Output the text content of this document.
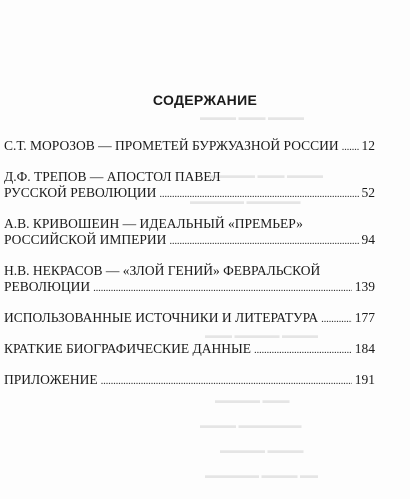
▬▬▬▬ ▬▬▬ ▬▬▬▬
▬▬▬▬▬ ▬▬▬ ▬▬▬▬
▬▬▬▬▬▬ ▬▬▬▬▬▬
▬▬▬ ▬▬▬▬▬ ▬▬▬▬
▬▬▬▬▬ ▬▬▬
▬▬▬▬ ▬▬▬▬▬▬▬
▬▬▬▬▬ ▬▬▬▬
▬▬▬▬▬▬ ▬▬▬▬ ▬▬
СОДЕРЖАНИЕ
С.Т. МОРОЗОВ — ПРОМЕТЕЙ БУРЖУАЗНОЙ РОССИИ . . . 12
Д.Ф. ТРЕПОВ — АПОСТОЛ ПАВЕЛ
РУССКОЙ РЕВОЛЮЦИИ . . .	52
А.В. КРИВОШЕИН — ИДЕАЛЬНЫЙ «ПРЕМЬЕР»
РОССИЙСКОЙ ИМПЕРИИ . . .	94
Н.В. НЕКРАСОВ — «ЗЛОЙ ГЕНИЙ» ФЕВРАЛЬСКОЙ
РЕВОЛЮЦИИ . . .	139
ИСПОЛЬЗОВАННЫЕ ИСТОЧНИКИ И ЛИТЕРАТУРА . . .	177
КРАТКИЕ БИОГРАФИЧЕСКИЕ ДАННЫЕ . . .	184
ПРИЛОЖЕНИЕ . . .	191
